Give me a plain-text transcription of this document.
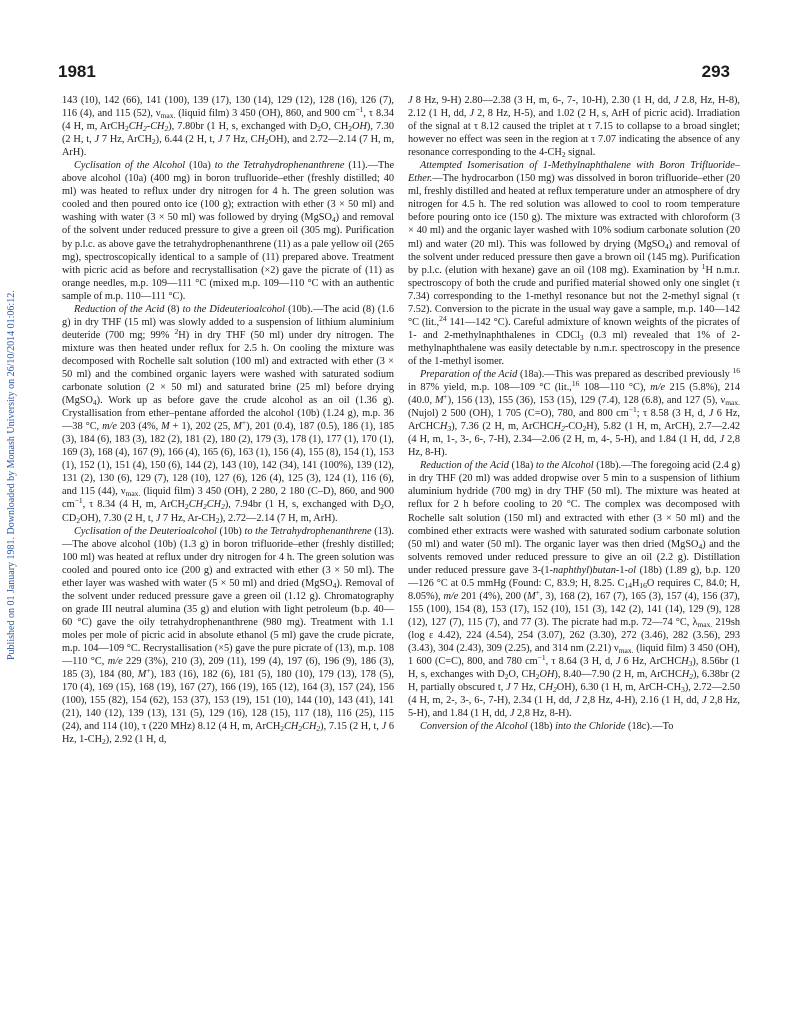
1981	293
Published on 01 January 1981. Downloaded by Monash University on 26/10/2014 01:06:12.

143 (10), 142 (66), 141 (100), 139 (17), 130 (14), 129 (12), 128 (16), 126 (7), 116 (4), and 115 (52), $\nu_{max.}$ (liquid film) 3 450 (OH), 860, and 900 $cm^{-1}$, τ 8.34 (4 H, m, $ArCH_2CH_2-CH_2$), 7.80br (1 H, s, exchanged with $D_2O$, $CH_2OH$), 7.30 (2 H, t, J 7 Hz, ArCH$_2$), 6.44 (2 H, t, J 7 Hz, $CH_2OH$), and 2.72—2.14 (7 H, m, ArH).

Cyclisation of the Alcohol (10a) to the Tetrahydrophenanthrene (11).—The above alcohol (10a) (400 mg) in boron trufluoride–ether (freshly distilled; 40 ml) was heated to reflux under dry nitrogen for 4 h. The green solution was cooled and then poured onto ice (100 g); extraction with ether (3 × 50 ml) and washing with water (3 × 50 ml) was followed by drying (MgSO$_4$) and removal of the solvent under reduced pressure to give a green oil (305 mg). Purification by p.l.c. as above gave the tetrahydrophenanthrene (11) as a pale yellow oil (265 mg), spectroscopically identical to a sample of (11) prepared above. Treatment with picric acid as before and recrystallisation (×2) gave the picrate of (11) as orange needles, m.p. 109—111 °C (mixed m.p. 109—110 °C with an authentic sample of m.p. 110—111 °C).

Reduction of the Acid (8) to the Dideuterioalcohol (10b).—The acid (8) (1.6 g) in dry THF (15 ml) was slowly added to a suspension of lithium aluminium deuteride (700 mg; 99% $^2$H) in dry THF (50 ml) under dry nitrogen. The mixture was then heated under reflux for 2.5 h. On cooling the mixture was decomposed with Rochelle salt solution (100 ml) and extracted with ether (3 × 50 ml) and the combined organic layers were washed with saturated sodium carbonate solution (2 × 50 ml) and saturated brine (25 ml) before drying (MgSO$_4$). Work up as before gave the crude alcohol as an oil (1.36 g). Crystallisation from ether–pentane afforded the alcohol (10b) (1.24 g), m.p. 36—38 °C, m/e 203 (4%, M + 1), 202 (25, M+), 201 (0.4), 187 (0.5), 186 (1), 185 (3), 184 (6), 183 (3), 182 (2), 181 (2), 180 (2), 179 (3), 178 (1), 177 (1), 170 (1), 169 (3), 168 (4), 167 (9), 166 (4), 165 (6), 163 (1), 156 (4), 155 (8), 154 (1), 153 (1), 152 (1), 151 (4), 150 (6), 144 (2), 143 (10), 142 (34), 141 (100%), 139 (12), 131 (2), 130 (6), 129 (7), 128 (10), 127 (6), 126 (4), 125 (3), 124 (1), 116 (6), and 115 (44), $\nu_{max.}$ (liquid film) 3 450 (OH), 2 280, 2 180 (C–D), 860, and 900 $cm^{-1}$, τ 8.34 (4 H, m, $ArCH_2CH_2CH_2$), 7.94br (1 H, s, exchanged with $D_2O$, $CD_2OH$), 7.30 (2 H, t, J 7 Hz, $Ar-CH_2$), 2.72—2.14 (7 H, m, ArH).

Cyclisation of the Deuterioalcohol (10b) to the Tetrahydrophenanthrene (13).—The above alcohol (10b) (1.3 g) in boron trifluoride–ether (freshly distilled; 100 ml) was heated at reflux under dry nitrogen for 4 h. The green solution was cooled and poured onto ice (200 g) and extracted with ether (3 × 50 ml). The ether layer was washed with water (5 × 50 ml) and dried (MgSO$_4$). Removal of the solvent under reduced pressure gave a green oil (1.12 g). Chromatography on grade III neutral alumina (35 g) and elution with light petroleum (b.p. 40—60 °C) gave the oily tetrahydrophenanthrene (980 mg). Treatment with 1.1 moles per mole of picric acid in absolute ethanol (5 ml) gave the crude picrate, m.p. 104—109 °C. Recrystallisation (×5) gave the pure picrate of (13), m.p. 108—110 °C, m/e 229 (3%), 210 (3), 209 (11), 199 (4), 197 (6), 196 (9), 186 (3), 185 (3), 184 (80, M+), 183 (16), 182 (6), 181 (5), 180 (10), 179 (13), 178 (5), 170 (4), 169 (15), 168 (19), 167 (27), 166 (19), 165 (12), 164 (3), 157 (24), 156 (100), 155 (82), 154 (62), 153 (37), 153 (19), 151 (10), 144 (10), 143 (41), 141 (21), 140 (12), 139 (13), 131 (5), 129 (16), 128 (15), 117 (18), 116 (25), 115 (24), and 114 (10), τ (220 MHz) 8.12 (4 H, m, $ArCH_2CH_2CH_2$), 7.15 (2 H, t, J 6 Hz, $1-CH_2$), 2.92 (1 H, d,

J 8 Hz, 9-H) 2.80—2.38 (3 H, m, 6-, 7-, 10-H), 2.30 (1 H, dd, J 2.8, Hz, H-8), 2.12 (1 H, dd, J 2, 8 Hz, H-5), and 1.02 (2 H, s, ArH of picric acid). Irradiation of the signal at τ 8.12 caused the triplet at τ 7.15 to collapse to a broad singlet; however no effect was seen in the region at τ 7.07 indicating the absence of any resonance corresponding to the $4-CH_2$ signal.

Attempted Isomerisation of 1-Methylnaphthalene with Boron Trifluoride–Ether.—The hydrocarbon (150 mg) was dissolved in boron trifluoride–ether (20 ml, freshly distilled and heated at reflux temperature under an atmosphere of dry nitrogen for 4.5 h. The red solution was allowed to cool to room temperature before pouring onto ice (150 g). The mixture was extracted with chloroform (3 × 40 ml) and the organic layer washed with 10% sodium carbonate solution (20 ml) and water (20 ml). This was followed by drying (MgSO$_4$) and removal of the solvent under reduced pressure then gave a brown oil (145 mg). Purification by p.l.c. (elution with hexane) gave an oil (108 mg). Examination by $^1$H n.m.r. spectroscopy of both the crude and purified material showed only one singlet (τ 7.34) corresponding to the 1-methyl resonance but not the 2-methyl signal (τ 7.52). Conversion to the picrate in the usual way gave a sample, m.p. 140—142 °C (lit.,$^{24}$ 141—142 °C). Careful admixture of known weights of the picrates of 1- and 2-methylnaphthalenes in CDCl$_3$ (0.3 ml) revealed that 1% of 2-methylnaphthalene was easily detectable by n.m.r. spectroscopy in the presence of the 1-methyl isomer.

Preparation of the Acid (18a).—This was prepared as described previously $^{16}$ in 87% yield, m.p. 108—109 °C (lit.,$^{16}$ 108—110 °C), m/e 215 (5.8%), 214 (40.0, M+), 156 (13), 155 (36), 153 (15), 129 (7.4), 128 (6.8), and 127 (5), $\nu_{max.}$ (Nujol) 2 500 (OH), 1 705 (C=O), 780, and 800 $cm^{-1}$; τ 8.58 (3 H, d, J 6 Hz, ArCHCH$_3$), 7.36 (2 H, m, $ArCHCH_2-CO_2H$), 5.82 (1 H, m, ArCH), 2.7—2.42 (4 H, m, 1-, 3-, 6-, 7-H), 2.34—2.06 (2 H, m, 4-, 5-H), and 1.84 (1 H, dd, J 2,8 Hz, 8-H).

Reduction of the Acid (18a) to the Alcohol (18b).—The foregoing acid (2.4 g) in dry THF (20 ml) was added dropwise over 5 min to a suspension of lithium aluminium hydride (700 mg) in dry THF (50 ml). The mixture was heated at reflux for 2 h before cooling to 20 °C. The complex was decomposed with Rochelle salt solution (150 ml) and extracted with ether (3 × 50 ml) and the combined ether extracts were washed with saturated sodium carbonate solution (50 ml) and water (50 ml). The organic layer was then dried (MgSO$_4$) and the solvents removed under reduced pressure to give an oil (2.2 g). Distillation under reduced pressure gave 3-(1-naphthyl)butan-1-ol (18b) (1.89 g), b.p. 120—126 °C at 0.5 mmHg (Found: C, 83.9; H, 8.25. $C_{14}H_{16}O$ requires C, 84.0; H, 8.05%), m/e 201 (4%), 200 (M+, 3), 168 (2), 167 (7), 165 (3), 157 (4), 156 (37), 155 (100), 154 (8), 153 (17), 152 (10), 151 (3), 142 (2), 141 (14), 129 (9), 128 (12), 127 (7), 115 (7), and 77 (3). The picrate had m.p. 72—74 °C, $\lambda_{max.}$ 219sh (log ε 4.42), 224 (4.54), 254 (3.07), 262 (3.30), 272 (3.46), 282 (3.56), 293 (3.43), 304 (2.43), 309 (2.25), and 314 nm (2.21) $\nu_{max.}$ (liquid film) 3 450 (OH), 1 600 (C=C), 800, and 780 $cm^{-1}$, τ 8.64 (3 H, d, J 6 Hz, ArCHCH$_3$), 8.56br (1 H, s, exchanges with $D_2O$, $CH_2OH$), 8.40—7.90 (2 H, m, ArCHCH$_2$), 6.38br (2 H, partially obscured t, J 7 Hz, $CH_2OH$), 6.30 (1 H, m, ArCH-$CH_3$), 2.72—2.50 (4 H, m, 2-, 3-, 6-, 7-H), 2.34 (1 H, dd, J 2,8 Hz, 4-H), 2.16 (1 H, dd, J 2,8 Hz, 5-H), and 1.84 (1 H, dd, J 2,8 Hz, 8-H).

Conversion of the Alcohol (18b) into the Chloride (18c).—To
